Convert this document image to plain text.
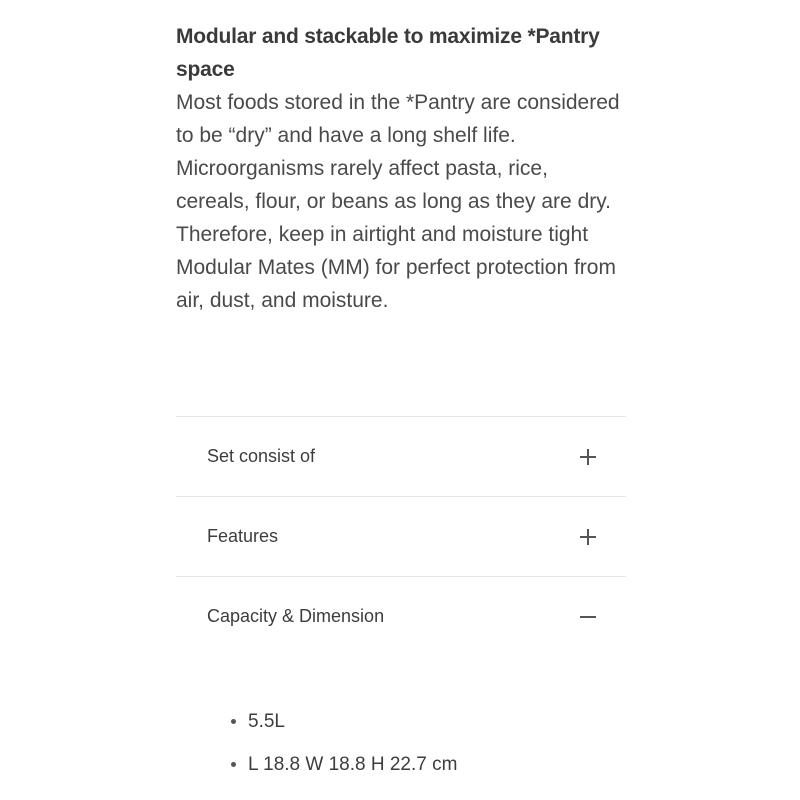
Modular and stackable to maximize *Pantry space

Most foods stored in the *Pantry are considered to be “dry” and have a long shelf life. Microorganisms rarely affect pasta, rice, cereals, flour, or beans as long as they are dry. Therefore, keep in airtight and moisture tight Modular Mates (MM) for perfect protection from air, dust, and moisture.

Set consist of
Features
Capacity & Dimension
5.5L
L 18.8 W 18.8 H 22.7 cm
